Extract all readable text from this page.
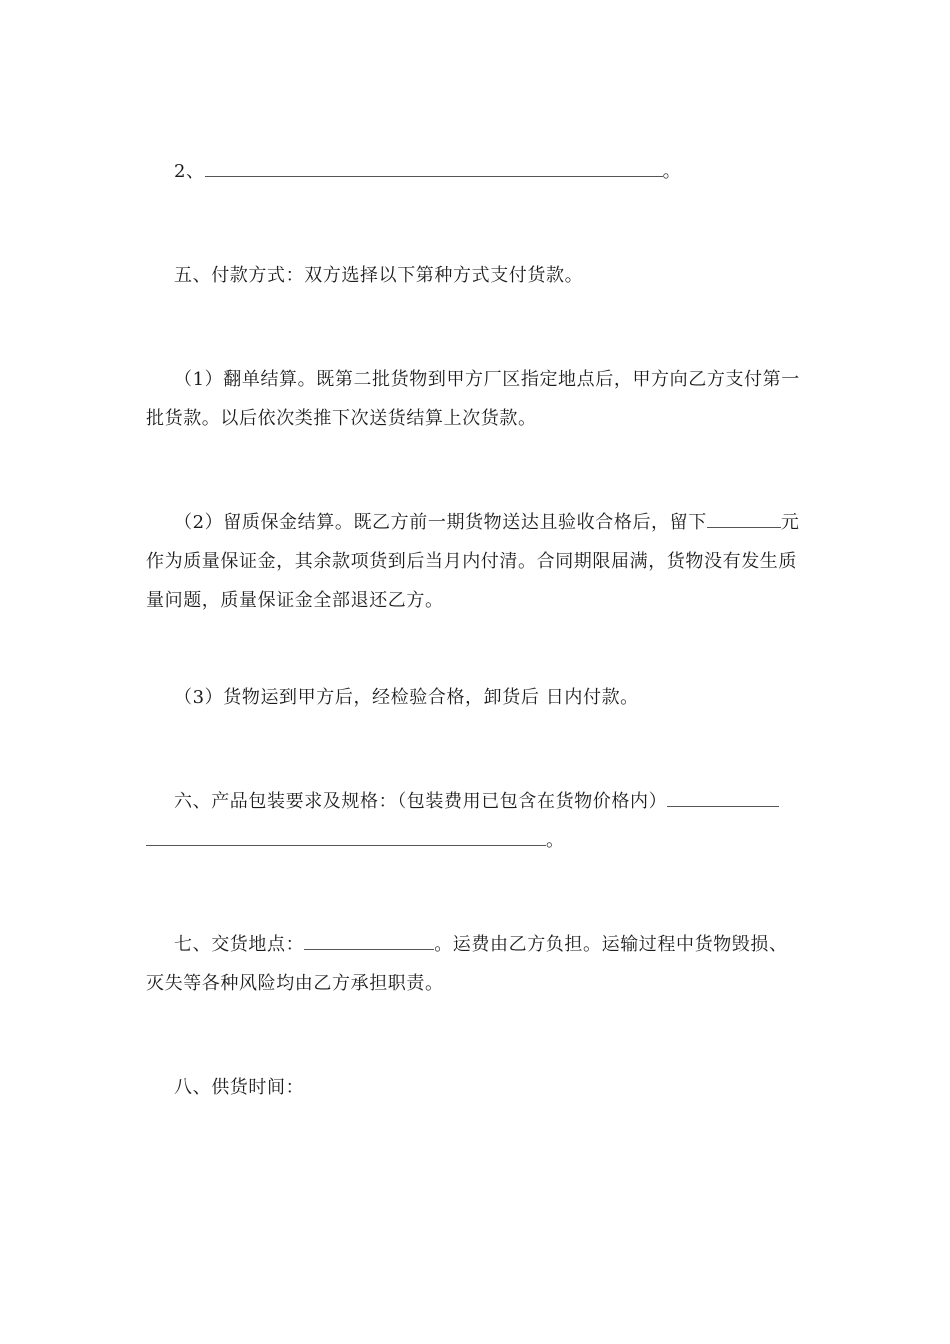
2、	。

五、付款方式：双方选择以下第种方式支付货款。

（1）翻单结算。既第二批货物到甲方厂区指定地点后，甲方向乙方支付第一批货款。以后依次类推下次送货结算上次货款。

（2）留质保金结算。既乙方前一期货物送达且验收合格后，留下	元作为质量保证金，其余款项货到后当月内付清。合同期限届满，货物没有发生质量问题，质量保证金全部退还乙方。

（3）货物运到甲方后，经检验合格，卸货后 日内付款。

六、产品包装要求及规格：（包装费用已包含在货物价格内）。

七、交货地点：	。运费由乙方负担。运输过程中货物毁损、灭失等各种风险均由乙方承担职责。

八、供货时间：
